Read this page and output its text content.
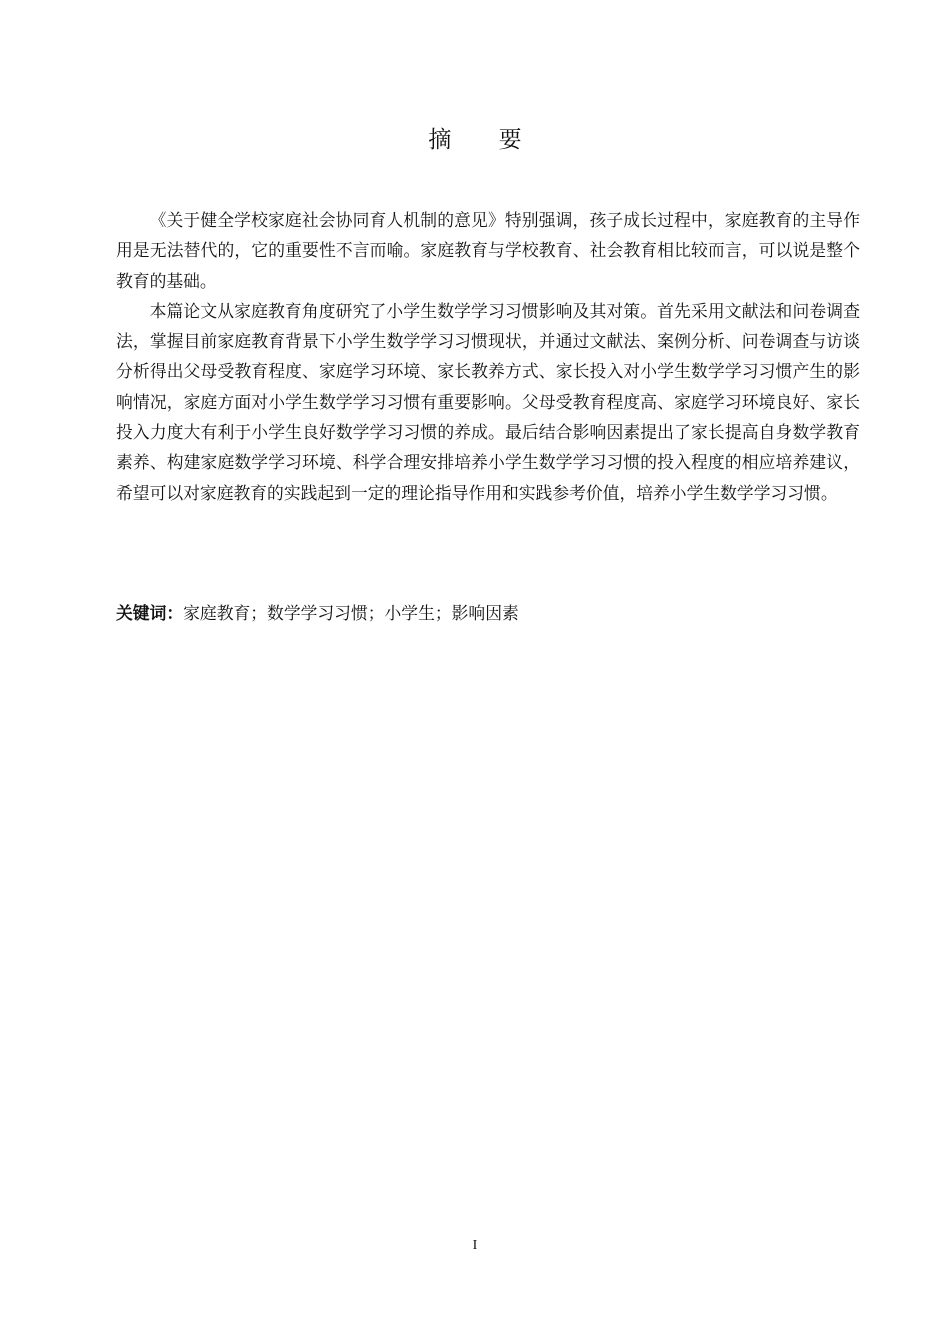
摘 要

《关于健全学校家庭社会协同育人机制的意见》特别强调，孩子成长过程中，家庭教育的主导作用是无法替代的，它的重要性不言而喻。家庭教育与学校教育、社会教育相比较而言，可以说是整个教育的基础。

本篇论文从家庭教育角度研究了小学生数学学习习惯影响及其对策。首先采用文献法和问卷调查法，掌握目前家庭教育背景下小学生数学学习习惯现状，并通过文献法、案例分析、问卷调查与访谈分析得出父母受教育程度、家庭学习环境、家长教养方式、家长投入对小学生数学学习习惯产生的影响情况，家庭方面对小学生数学学习习惯有重要影响。父母受教育程度高、家庭学习环境良好、家长投入力度大有利于小学生良好数学学习习惯的养成。最后结合影响因素提出了家长提高自身数学教育素养、构建家庭数学学习环境、科学合理安排培养小学生数学学习习惯的投入程度的相应培养建议，希望可以对家庭教育的实践起到一定的理论指导作用和实践参考价值，培养小学生数学学习习惯。

关键词：家庭教育；数学学习习惯；小学生；影响因素
I
